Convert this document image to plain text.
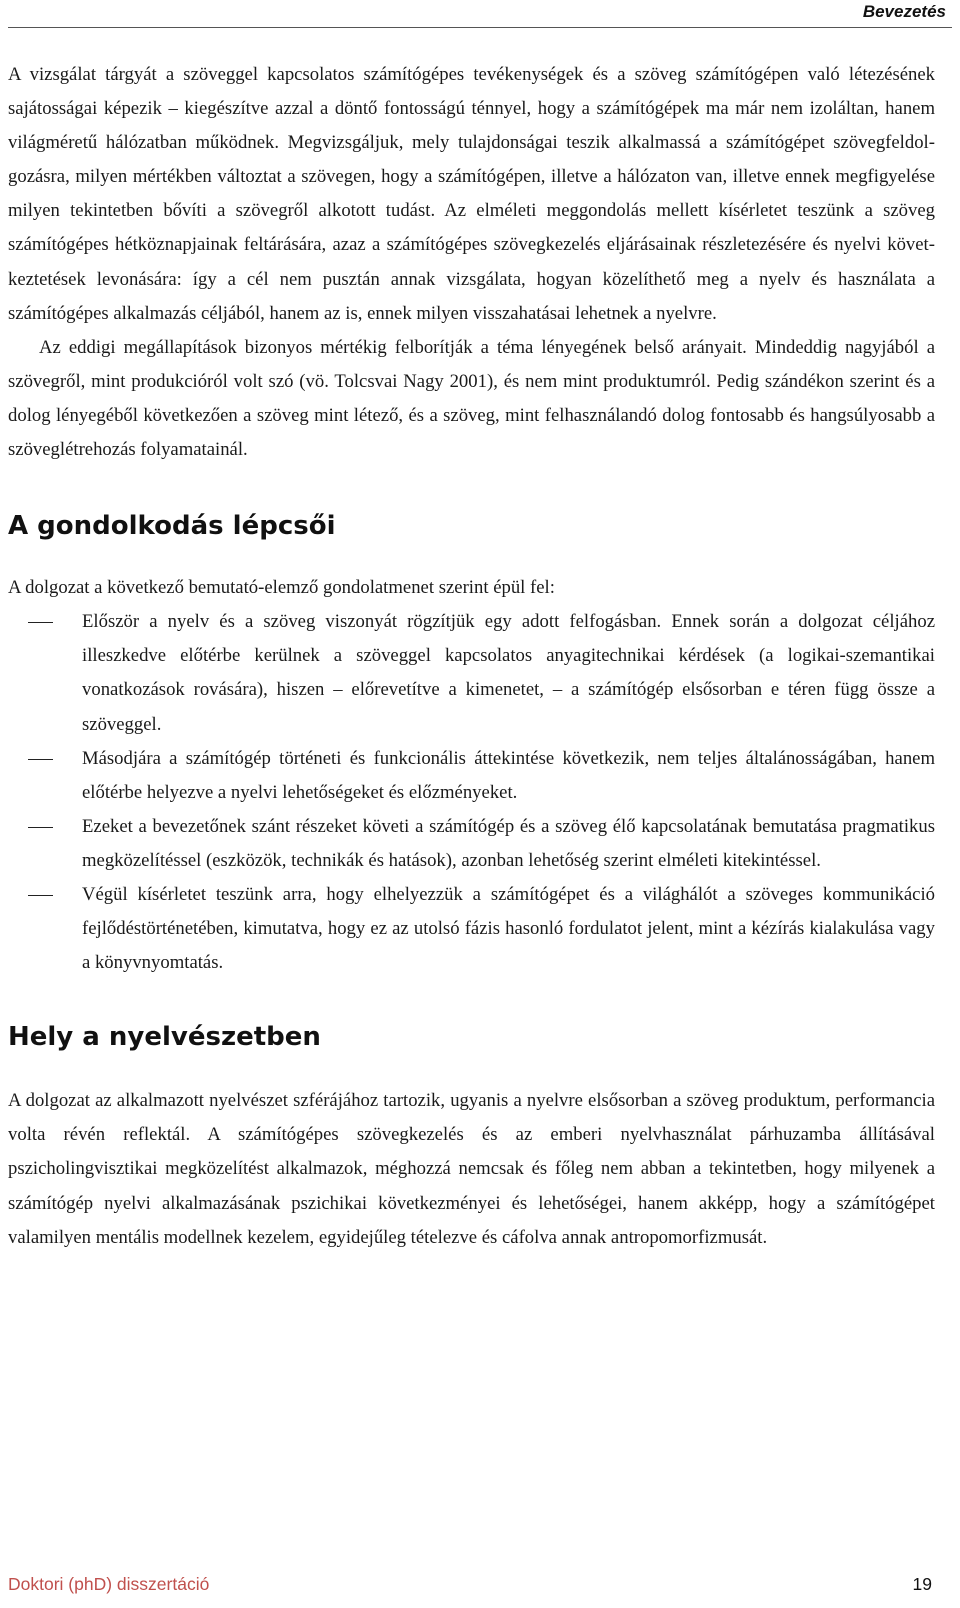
Bevezetés

A vizsgálat tárgyát a szöveggel kapcsolatos számítógépes tevékenységek és a szöveg számítógépen való létezésének sajátosságai képezik – kiegészítve azzal a döntő fontosságú ténnyel, hogy a számítógépek ma már nem izoláltan, hanem világméretű hálózatban működnek. Megvizsgáljuk, mely tulajdonságai teszik alkalmassá a számítógépet szövegfeldolgozásra, milyen mértékben változtat a szövegen, hogy a számítógépen, illetve a hálózaton van, illetve ennek megfigyelése milyen tekintetben bővíti a szövegről alkotott tudást. Az elméleti meggondolás mellett kísérletet teszünk a szöveg számítógépes hétköznapjainak feltárására, azaz a számítógépes szövegkezelés eljárásainak részletezésére és nyelvi következtetések levonására: így a cél nem pusztán annak vizsgálata, hogyan közelíthető meg a nyelv és használata a számítógépes alkalmazás céljából, hanem az is, ennek milyen visszahatásai lehetnek a nyelvre.

Az eddigi megállapítások bizonyos mértékig felborítják a téma lényegének belső arányait. Mindeddig nagyjából a szövegről, mint produkcióról volt szó (vö. Tolcsvai Nagy 2001), és nem mint produktumról. Pedig szándékon szerint és a dolog lényegéből következően a szöveg mint létező, és a szöveg, mint felhasználandó dolog fontosabb és hangsúlyosabb a szöveglétrehozás folyamatainál.

A gondolkodás lépcsői

A dolgozat a következő bemutató-elemző gondolatmenet szerint épül fel:

Először a nyelv és a szöveg viszonyát rögzítjük egy adott felfogásban. Ennek során a dolgozat céljához illeszkedve előtérbe kerülnek a szöveggel kapcsolatos anyagitechnikai kérdések (a logikai-szemantikai vonatkozások rovására), hiszen – előrevetítve a kimenetet, – a számítógép elsősorban e téren függ össze a szöveggel.
Másodjára a számítógép történeti és funkcionális áttekintése következik, nem teljes általánosságában, hanem előtérbe helyezve a nyelvi lehetőségeket és előzményeket.
Ezeket a bevezetőnek szánt részeket követi a számítógép és a szöveg élő kapcsolatának bemutatása pragmatikus megközelítéssel (eszközök, technikák és hatások), azonban lehetőség szerint elméleti kitekintéssel.
Végül kísérletet teszünk arra, hogy elhelyezzük a számítógépet és a világhálót a szöveges kommunikáció fejlődéstörténetében, kimutatva, hogy ez az utolsó fázis hasonló fordulatot jelent, mint a kézírás kialakulása vagy a könyvnyomtatás.
Hely a nyelvészetben

A dolgozat az alkalmazott nyelvészet szférájához tartozik, ugyanis a nyelvre elsősorban a szöveg produktum, performancia volta révén reflektál. A számítógépes szövegkezelés és az emberi nyelvhasználat párhuzamba állításával pszicholingvisztikai megközelítést alkalmazok, méghozzá nemcsak és főleg nem abban a tekintetben, hogy milyenek a számítógép nyelvi alkalmazásának pszichikai következményei és lehetőségei, hanem akképp, hogy a számítógépet valamilyen mentális modellnek kezelem, egyidejűleg tételezve és cáfolva annak antropomorfizmusát.

Doktori (phD) disszertáció	19
